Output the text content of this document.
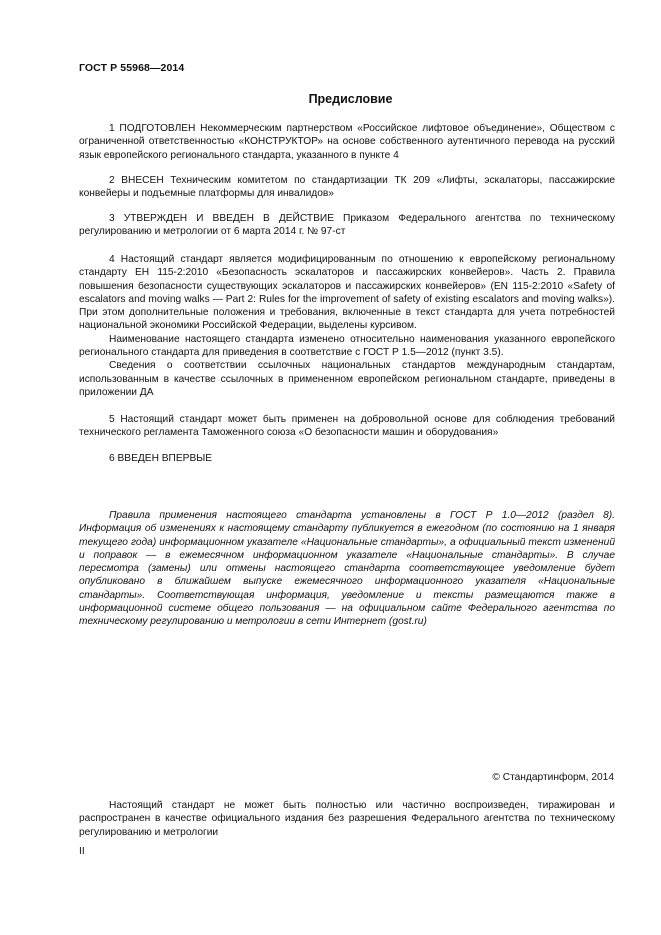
ГОСТ Р 55968—2014
Предисловие

1 ПОДГОТОВЛЕН Некоммерческим партнерством «Российское лифтовое объединение», Обществом с ограниченной ответственностью «КОНСТРУКТОР» на основе собственного аутентичного перевода на русский язык европейского регионального стандарта, указанного в пункте 4

2 ВНЕСЕН Техническим комитетом по стандартизации ТК 209 «Лифты, эскалаторы, пассажирские конвейеры и подъемные платформы для инвалидов»

3 УТВЕРЖДЕН И ВВЕДЕН В ДЕЙСТВИЕ Приказом Федерального агентства по техническому регулированию и метрологии от 6 марта 2014 г. № 97-ст

4 Настоящий стандарт является модифицированным по отношению к европейскому региональному стандарту ЕН 115-2:2010 «Безопасность эскалаторов и пассажирских конвейеров». Часть 2. Правила повышения безопасности существующих эскалаторов и пассажирских конвейеров» (EN 115-2:2010 «Safety of escalators and moving walks — Part 2: Rules for the improvement of safety of existing escalators and moving walks»). При этом дополнительные положения и требования, включенные в текст стандарта для учета потребностей национальной экономики Российской Федерации, выделены курсивом.

Наименование настоящего стандарта изменено относительно наименования указанного европейского регионального стандарта для приведения в соответствие с ГОСТ Р 1.5—2012 (пункт 3.5).

Сведения о соответствии ссылочных национальных стандартов международным стандартам, использованным в качестве ссылочных в примененном европейском региональном стандарте, приведены в приложении ДА

5 Настоящий стандарт может быть применен на добровольной основе для соблюдения требований технического регламента Таможенного союза «О безопасности машин и оборудования»

6 ВВЕДЕН ВПЕРВЫЕ

Правила применения настоящего стандарта установлены в ГОСТ Р 1.0—2012 (раздел 8). Информация об изменениях к настоящему стандарту публикуется в ежегодном (по состоянию на 1 января текущего года) информационном указателе «Национальные стандарты», а официальный текст изменений и поправок — в ежемесячном информационном указателе «Национальные стандарты». В случае пересмотра (замены) или отмены настоящего стандарта соответствующее уведомление будет опубликовано в ближайшем выпуске ежемесячного информационного указателя «Национальные стандарты». Соответствующая информация, уведомление и тексты размещаются также в информационной системе общего пользования — на официальном сайте Федерального агентства по техническому регулированию и метрологии в сети Интернет (gost.ru)

© Стандартинформ, 2014

Настоящий стандарт не может быть полностью или частично воспроизведен, тиражирован и распространен в качестве официального издания без разрешения Федерального агентства по техническому регулированию и метрологии

II
